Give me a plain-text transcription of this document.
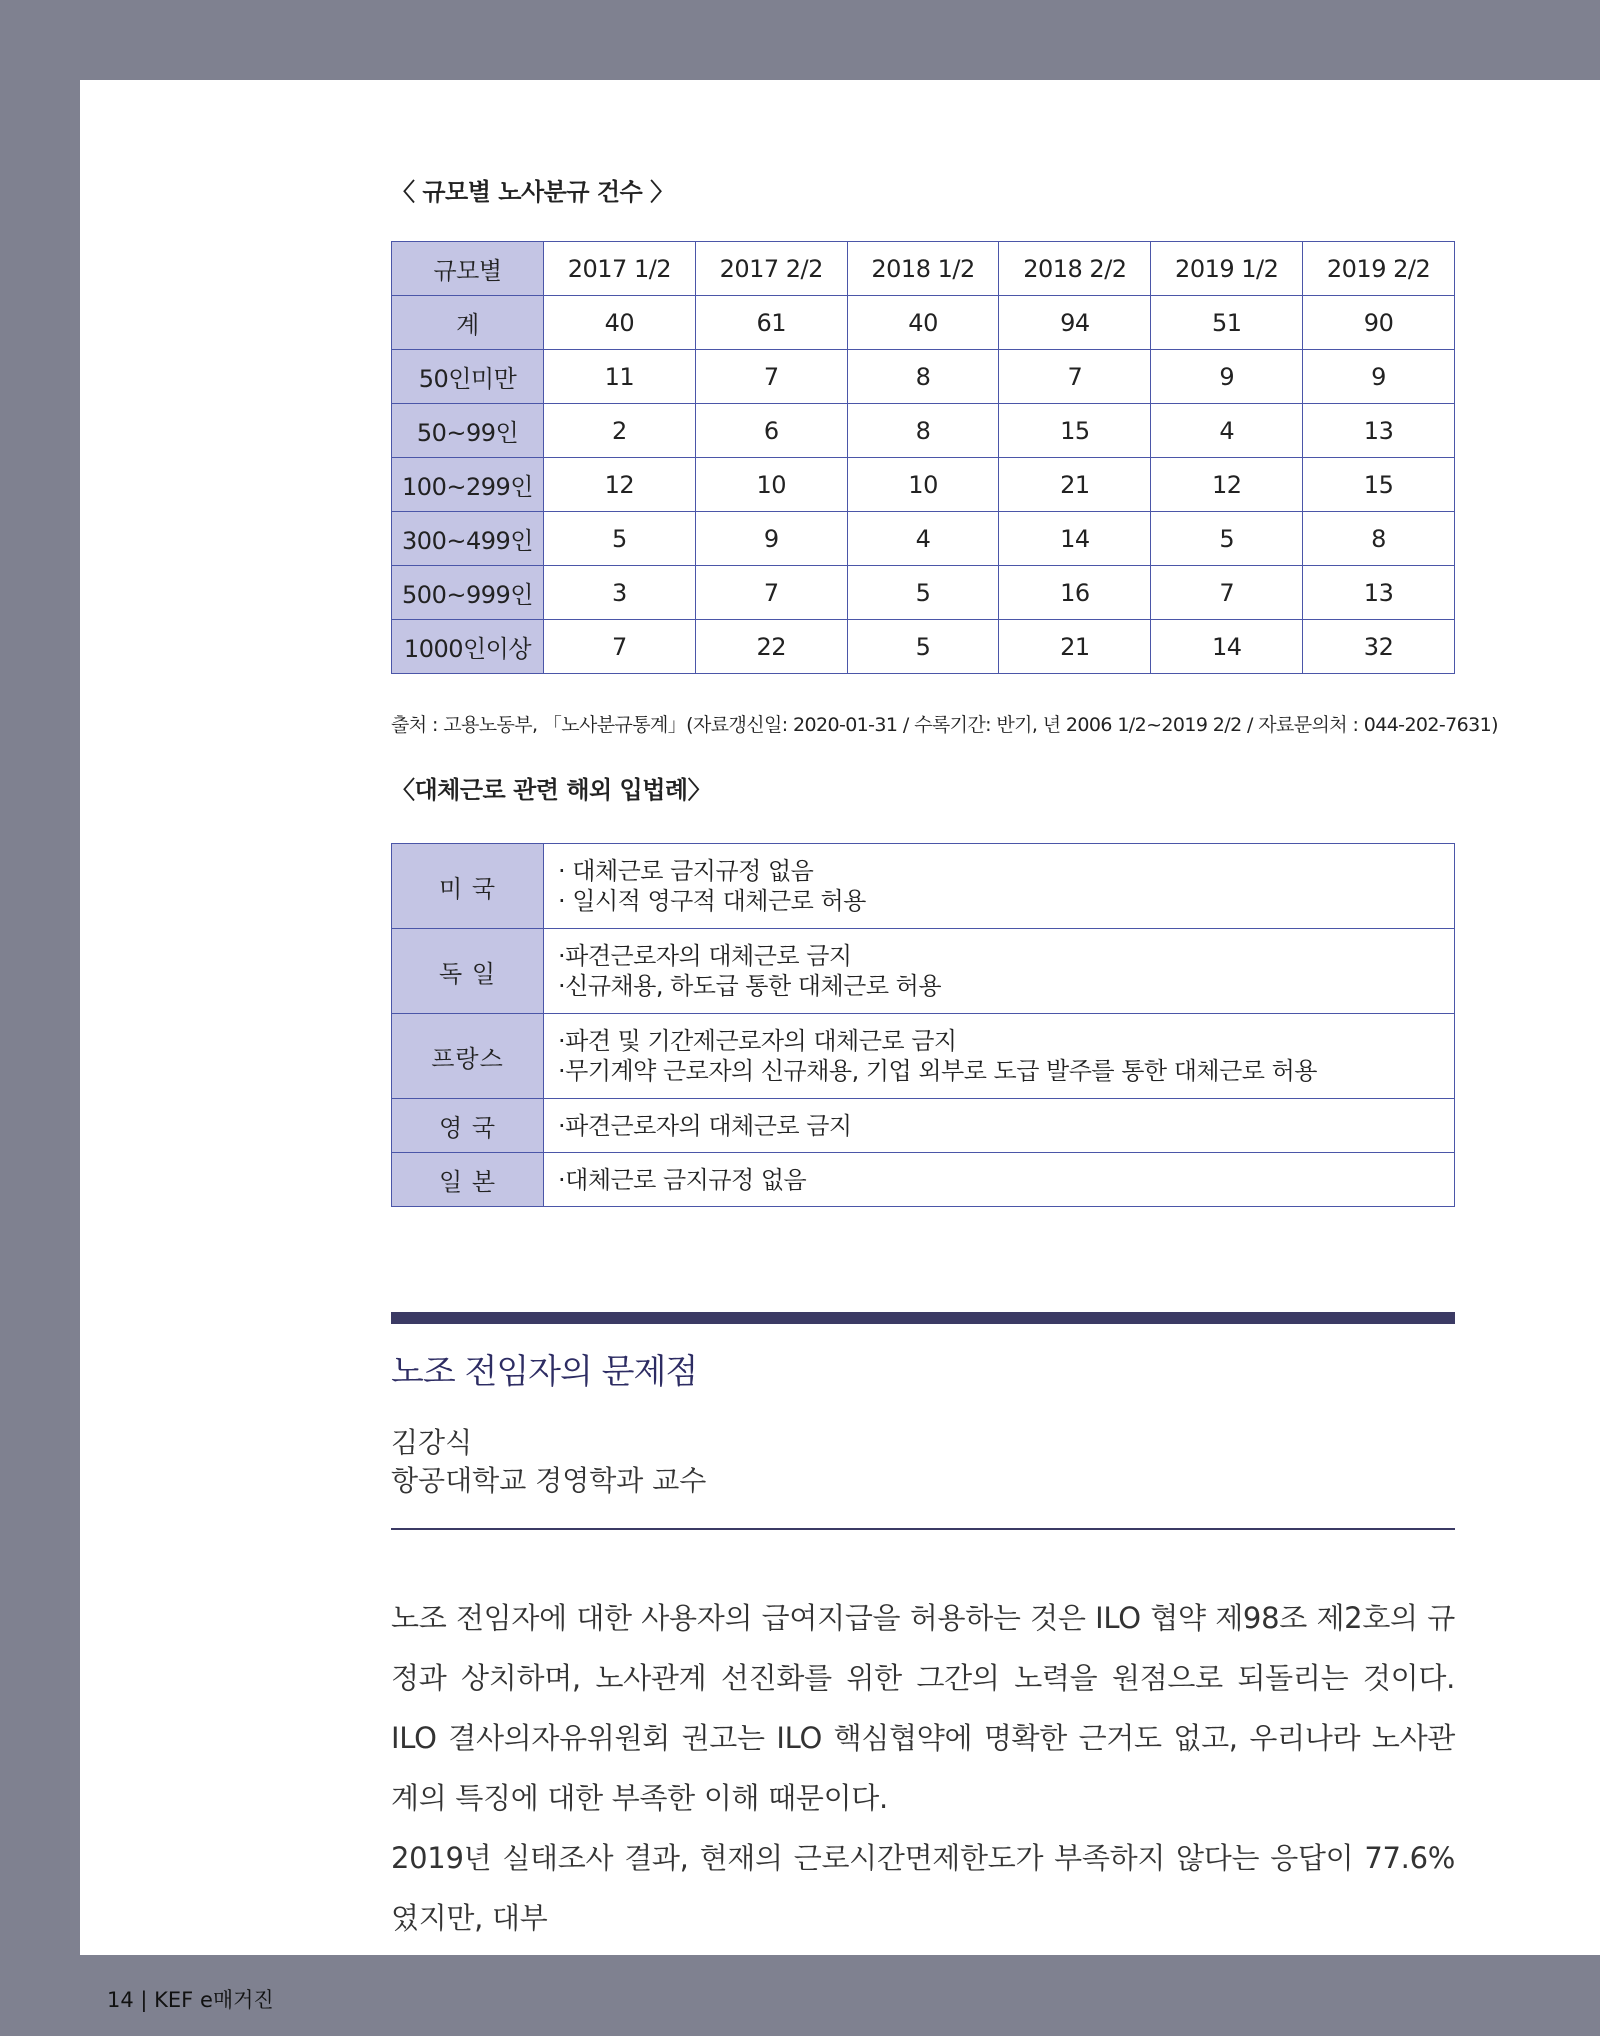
〈 규모별 노사분규 건수 〉
규모별	2017 1/2	2017 2/2	2018 1/2	2018 2/2	2019 1/2	2019 2/2
계	40	61	40	94	51	90
50인미만	11	7	8	7	9	9
50~99인	2	6	8	15	4	13
100~299인	12	10	10	21	12	15
300~499인	5	9	4	14	5	8
500~999인	3	7	5	16	7	13
1000인이상	7	22	5	21	14	32
출처 : 고용노동부, 「노사분규통계」(자료갱신일: 2020-01-31 / 수록기간: 반기, 년 2006 1/2~2019 2/2 / 자료문의처 : 044-202-7631)
〈대체근로 관련 해외 입법례〉
미 국	· 대체근로 금지규정 없음
· 일시적 영구적 대체근로 허용

독 일	·파견근로자의 대체근로 금지
·신규채용, 하도급 통한 대체근로 허용

프랑스	·파견 및 기간제근로자의 대체근로 금지
·무기계약 근로자의 신규채용, 기업 외부로 도급 발주를 통한 대체근로 허용

영 국	·파견근로자의 대체근로 금지

일 본	·대체근로 금지규정 없음
노조 전임자의 문제점
김강식
항공대학교 경영학과 교수

노조 전임자에 대한 사용자의 급여지급을 허용하는 것은 ILO 협약 제98조 제2호의 규정과 상치하며, 노사관계 선진화를 위한 그간의 노력을 원점으로 되돌리는 것이다. ILO 결사의자유위원회 권고는 ILO 핵심협약에 명확한 근거도 없고, 우리나라 노사관계의 특징에 대한 부족한 이해 때문이다.

2019년 실태조사 결과, 현재의 근로시간면제한도가 부족하지 않다는 응답이 77.6%였지만, 대부

14 | KEF e매거진
